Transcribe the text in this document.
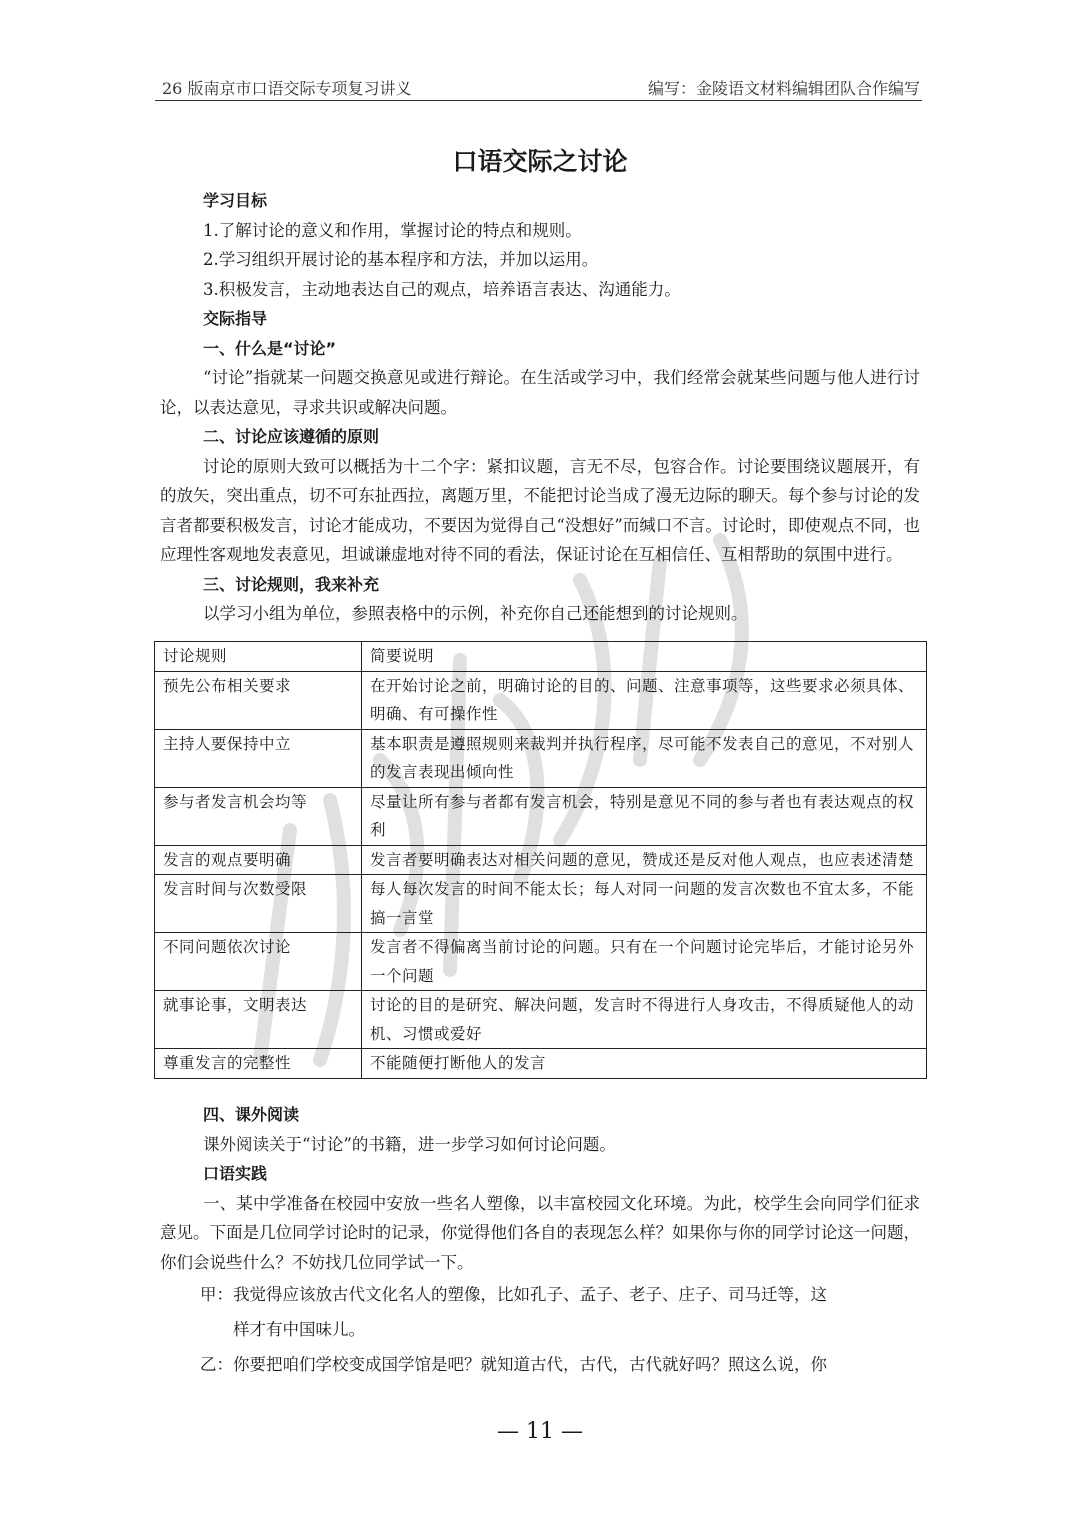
26 版南京市口语交际专项复习讲义	编写：金陵语文材料编辑团队合作编写
口语交际之讨论
学习目标
1.了解讨论的意义和作用，掌握讨论的特点和规则。
2.学习组织开展讨论的基本程序和方法，并加以运用。
3.积极发言，主动地表达自己的观点，培养语言表达、沟通能力。
交际指导
一、什么是“讨论”
“讨论”指就某一问题交换意见或进行辩论。在生活或学习中，我们经常会就某些问题与他人进行讨论，以表达意见，寻求共识或解决问题。
二、讨论应该遵循的原则
讨论的原则大致可以概括为十二个字：紧扣议题，言无不尽，包容合作。讨论要围绕议题展开，有的放矢，突出重点，切不可东扯西拉，离题万里，不能把讨论当成了漫无边际的聊天。每个参与讨论的发言者都要积极发言，讨论才能成功，不要因为觉得自己“没想好”而缄口不言。讨论时，即使观点不同，也应理性客观地发表意见，坦诚谦虚地对待不同的看法，保证讨论在互相信任、互相帮助的氛围中进行。
三、讨论规则，我来补充
以学习小组为单位，参照表格中的示例，补充你自己还能想到的讨论规则。
讨论规则	简要说明
预先公布相关要求	在开始讨论之前，明确讨论的目的、问题、注意事项等，这些要求必须具体、明确、有可操作性
主持人要保持中立	基本职责是遵照规则来裁判并执行程序，尽可能不发表自己的意见，不对别人的发言表现出倾向性
参与者发言机会均等	尽量让所有参与者都有发言机会，特别是意见不同的参与者也有表达观点的权利
发言的观点要明确	发言者要明确表达对相关问题的意见，赞成还是反对他人观点，也应表述清楚
发言时间与次数受限	每人每次发言的时间不能太长；每人对同一问题的发言次数也不宜太多，不能搞一言堂
不同问题依次讨论	发言者不得偏离当前讨论的问题。只有在一个问题讨论完毕后，才能讨论另外一个问题
就事论事，文明表达	讨论的目的是研究、解决问题，发言时不得进行人身攻击，不得质疑他人的动机、习惯或爱好
尊重发言的完整性	不能随便打断他人的发言
四、课外阅读
课外阅读关于“讨论”的书籍，进一步学习如何讨论问题。
口语实践
一、某中学准备在校园中安放一些名人塑像，以丰富校园文化环境。为此，校学生会向同学们征求意见。下面是几位同学讨论时的记录，你觉得他们各自的表现怎么样？如果你与你的同学讨论这一问题，你们会说些什么？不妨找几位同学试一下。
甲：我觉得应该放古代文化名人的塑像，比如孔子、孟子、老子、庄子、司马迁等，这
样才有中国味儿。
乙：你要把咱们学校变成国学馆是吧？就知道古代，古代，古代就好吗？照这么说，你
— 11 —
